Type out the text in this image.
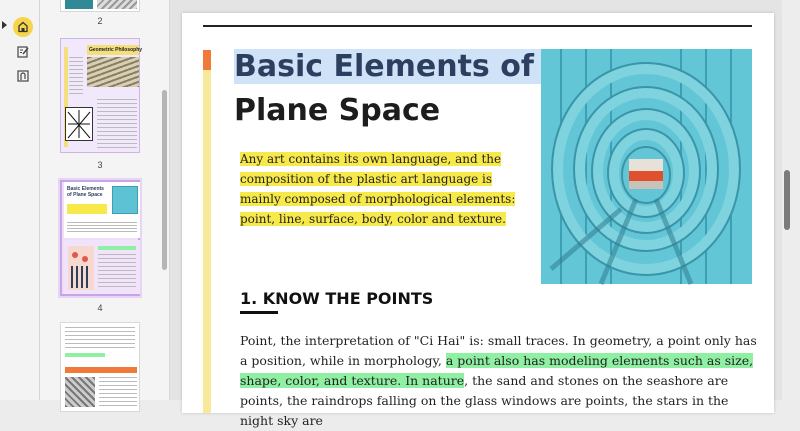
2
Geometric Philosophy
3
Basic Elements of Plane Space
4
Basic Elements of
Plane Space
Any art contains its own language, and the
composition of the plastic art language is
mainly composed of morphological elements:
point, line, surface, body, color and texture.
1. KNOW THE POINTS
Point, the interpretation of "Ci Hai" is: small traces. In geometry, a point only has a position, while in morphology, a point also has modeling elements such as size, shape, color, and texture. In nature, the sand and stones on the seashore are points, the raindrops falling on the glass windows are points, the stars in the night sky are
